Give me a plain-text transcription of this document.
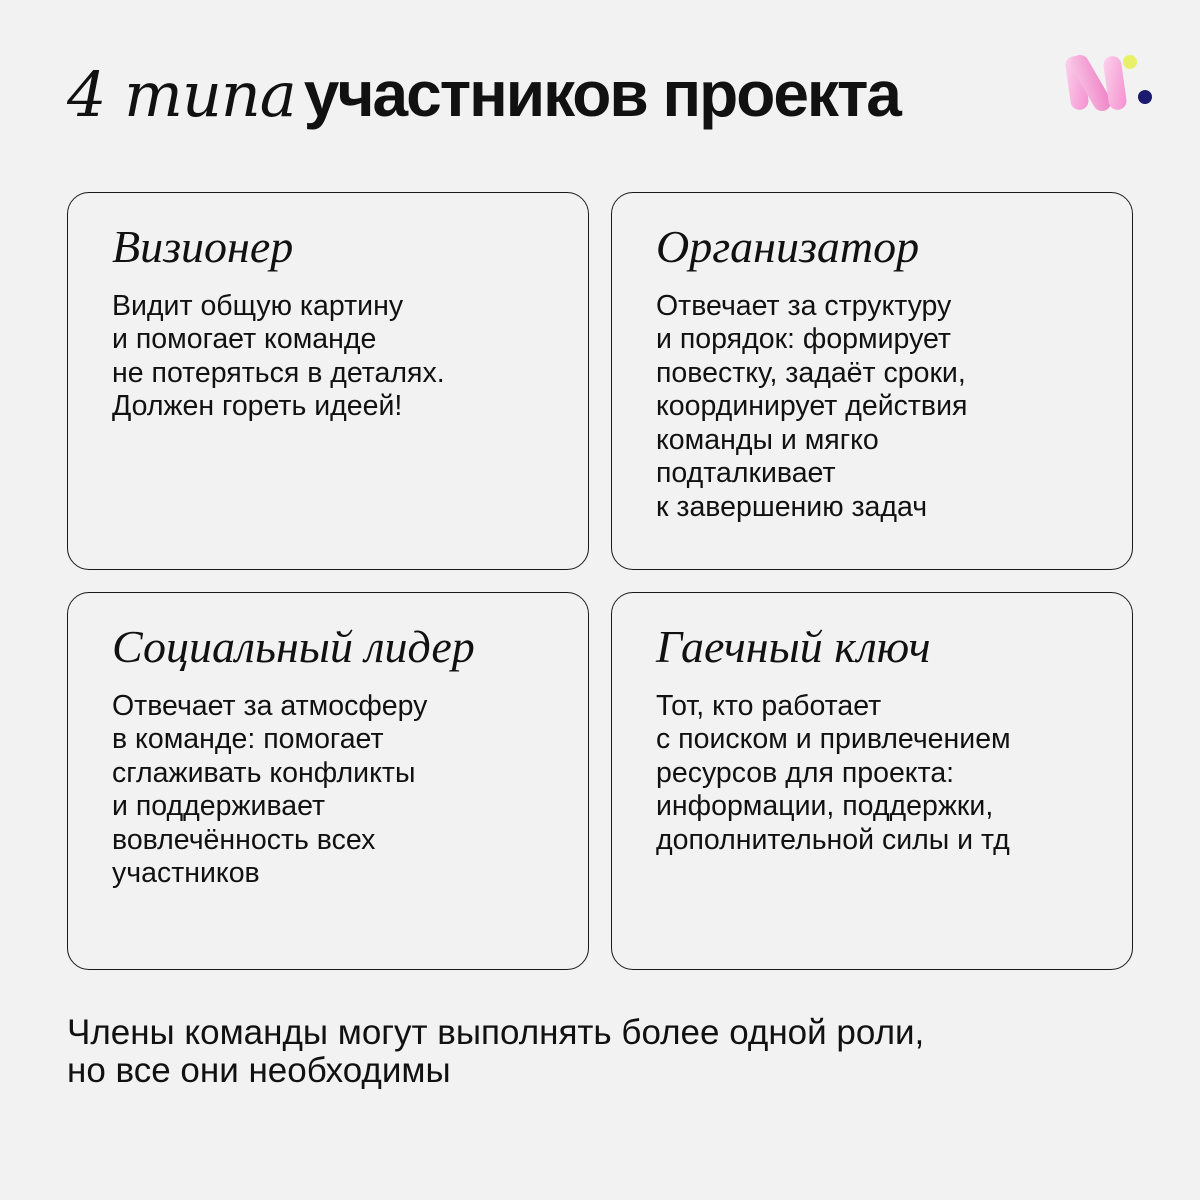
4 типа участников проекта
Визионер

Видит общую картину
и помогает команде
не потеряться в деталях.
Должен гореть идеей!

Организатор

Отвечает за структуру
и порядок: формирует
повестку, задаёт сроки,
координирует действия
команды и мягко
подталкивает
к завершению задач

Социальный лидер

Отвечает за атмосферу
в команде: помогает
сглаживать конфликты
и поддерживает
вовлечённость всех
участников

Гаечный ключ

Тот, кто работает
с поиском и привлечением
ресурсов для проекта:
информации, поддержки,
дополнительной силы и тд

Члены команды могут выполнять более одной роли,
но все они необходимы
